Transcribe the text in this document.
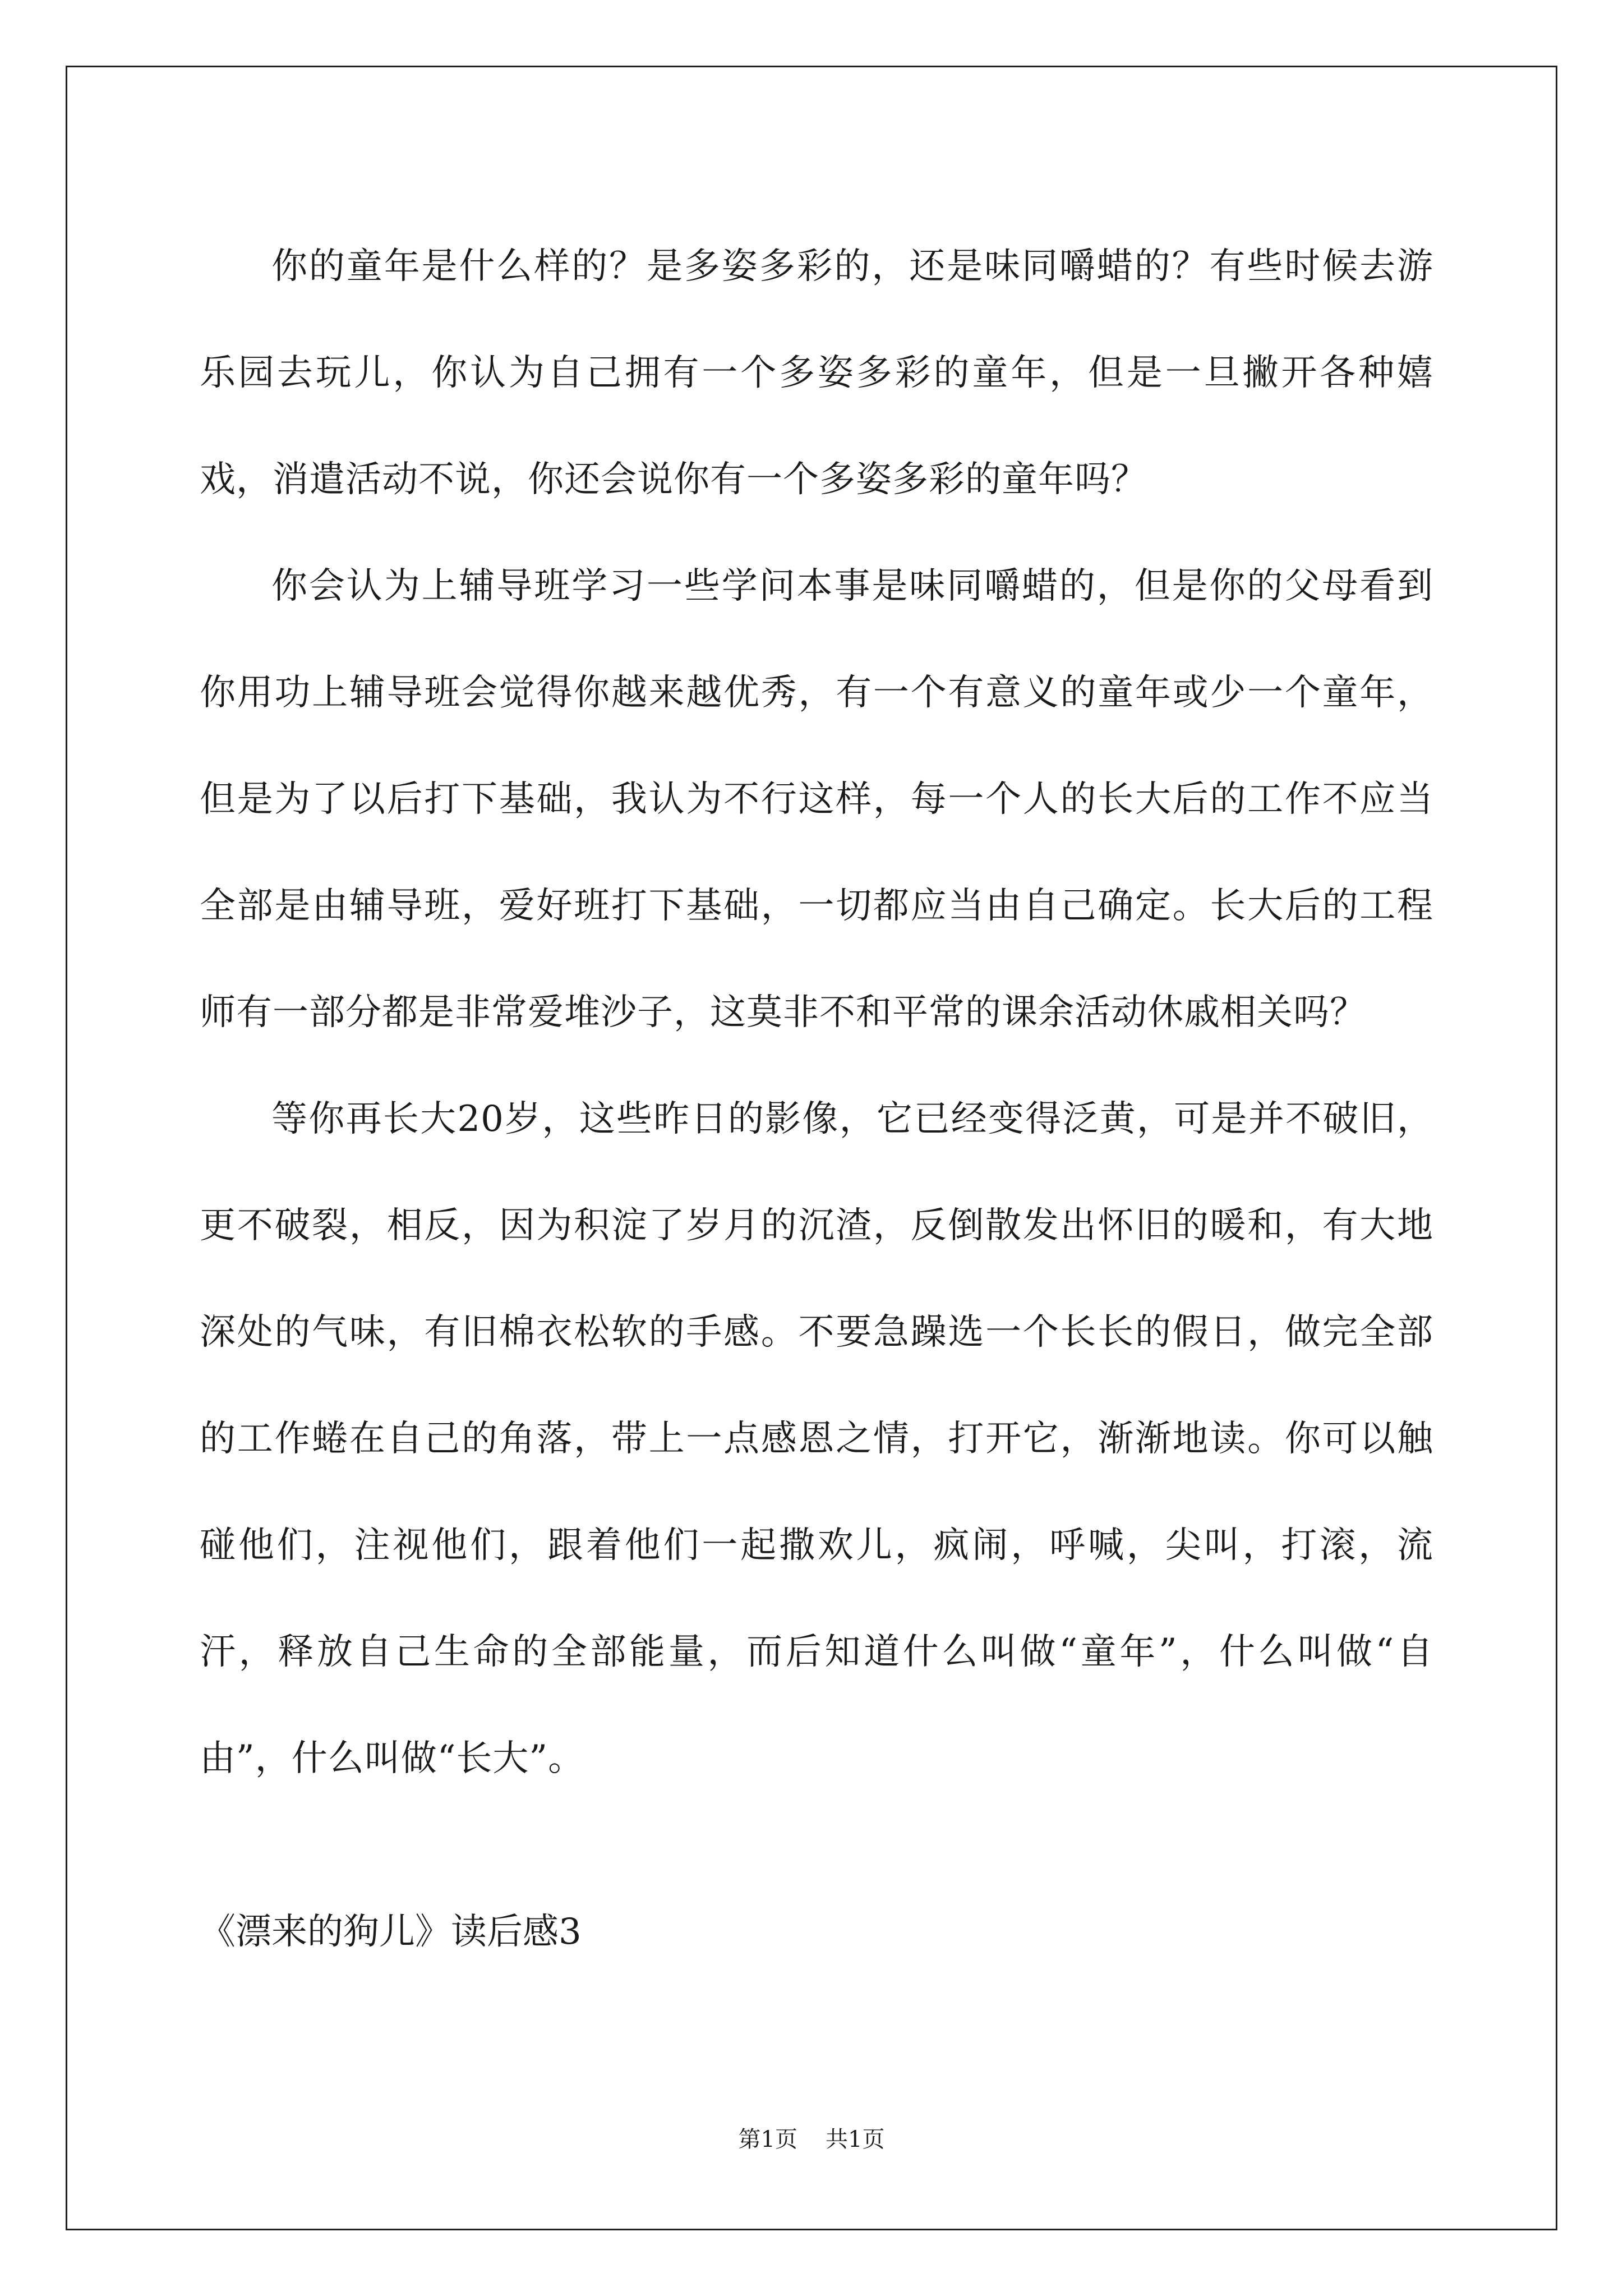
你的童年是什么样的？是多姿多彩的，还是味同嚼蜡的？有些时候去游乐园去玩儿，你认为自己拥有一个多姿多彩的童年，但是一旦撇开各种嬉戏，消遣活动不说，你还会说你有一个多姿多彩的童年吗？

你会认为上辅导班学习一些学问本事是味同嚼蜡的，但是你的父母看到你用功上辅导班会觉得你越来越优秀，有一个有意义的童年或少一个童年，但是为了以后打下基础，我认为不行这样，每一个人的长大后的工作不应当全部是由辅导班，爱好班打下基础，一切都应当由自己确定。长大后的工程师有一部分都是非常爱堆沙子，这莫非不和平常的课余活动休戚相关吗？

等你再长大20岁，这些昨日的影像，它已经变得泛黄，可是并不破旧，更不破裂，相反，因为积淀了岁月的沉渣，反倒散发出怀旧的暖和，有大地深处的气味，有旧棉衣松软的手感。不要急躁选一个长长的假日，做完全部的工作蜷在自己的角落，带上一点感恩之情，打开它，渐渐地读。你可以触碰他们，注视他们，跟着他们一起撒欢儿，疯闹，呼喊，尖叫，打滚，流汗，释放自己生命的全部能量，而后知道什么叫做“童年”，什么叫做“自由”，什么叫做“长大”。

《漂来的狗儿》读后感3
第1页 共1页
